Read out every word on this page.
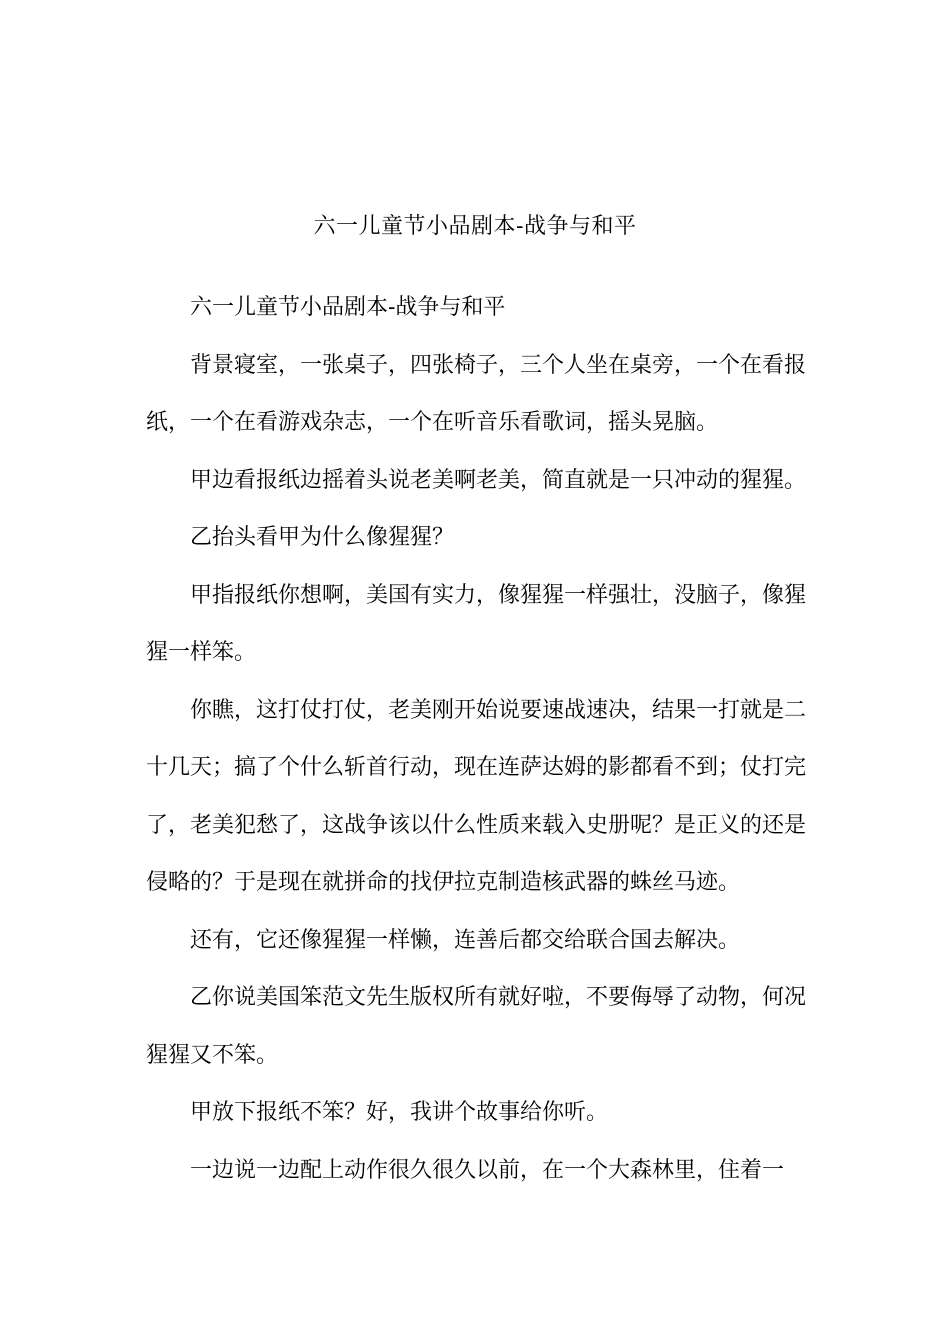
六一儿童节小品剧本-战争与和平

六一儿童节小品剧本-战争与和平

背景寝室，一张桌子，四张椅子，三个人坐在桌旁，一个在看报纸，一个在看游戏杂志，一个在听音乐看歌词，摇头晃脑。

甲边看报纸边摇着头说老美啊老美，简直就是一只冲动的猩猩。

乙抬头看甲为什么像猩猩？

甲指报纸你想啊，美国有实力，像猩猩一样强壮，没脑子，像猩猩一样笨。

你瞧，这打仗打仗，老美刚开始说要速战速决，结果一打就是二十几天；搞了个什么斩首行动，现在连萨达姆的影都看不到；仗打完了，老美犯愁了，这战争该以什么性质来载入史册呢？是正义的还是侵略的？于是现在就拼命的找伊拉克制造核武器的蛛丝马迹。

还有，它还像猩猩一样懒，连善后都交给联合国去解决。

乙你说美国笨范文先生版权所有就好啦，不要侮辱了动物，何况猩猩又不笨。

甲放下报纸不笨？好，我讲个故事给你听。

一边说一边配上动作很久很久以前，在一个大森林里，住着一
